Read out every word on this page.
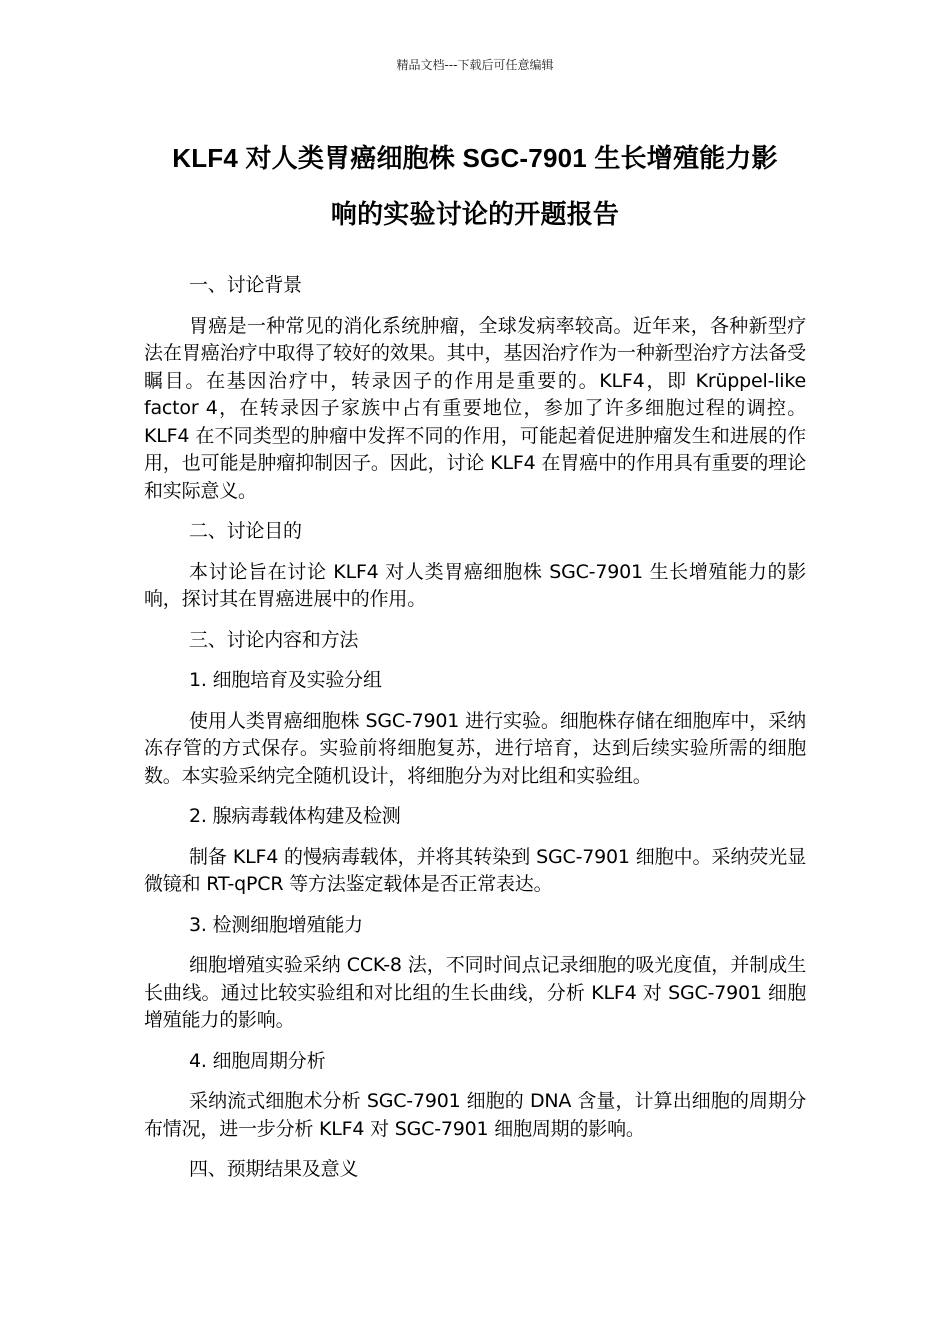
精品文档---下载后可任意编辑
KLF4 对人类胃癌细胞株 SGC-7901 生长增殖能力影
响的实验讨论的开题报告

一、讨论背景

胃癌是一种常见的消化系统肿瘤，全球发病率较高。近年来，各种新型疗法在胃癌治疗中取得了较好的效果。其中，基因治疗作为一种新型治疗方法备受瞩目。在基因治疗中，转录因子的作用是重要的。KLF4，即 Krüppel-like factor 4，在转录因子家族中占有重要地位，参加了许多细胞过程的调控。KLF4 在不同类型的肿瘤中发挥不同的作用，可能起着促进肿瘤发生和进展的作用，也可能是肿瘤抑制因子。因此，讨论 KLF4 在胃癌中的作用具有重要的理论和实际意义。

二、讨论目的

本讨论旨在讨论 KLF4 对人类胃癌细胞株 SGC-7901 生长增殖能力的影响，探讨其在胃癌进展中的作用。

三、讨论内容和方法

1. 细胞培育及实验分组

使用人类胃癌细胞株 SGC-7901 进行实验。细胞株存储在细胞库中，采纳冻存管的方式保存。实验前将细胞复苏，进行培育，达到后续实验所需的细胞数。本实验采纳完全随机设计，将细胞分为对比组和实验组。

2. 腺病毒载体构建及检测

制备 KLF4 的慢病毒载体，并将其转染到 SGC-7901 细胞中。采纳荧光显微镜和 RT-qPCR 等方法鉴定载体是否正常表达。

3. 检测细胞增殖能力

细胞增殖实验采纳 CCK-8 法，不同时间点记录细胞的吸光度值，并制成生长曲线。通过比较实验组和对比组的生长曲线，分析 KLF4 对 SGC-7901 细胞增殖能力的影响。

4. 细胞周期分析

采纳流式细胞术分析 SGC-7901 细胞的 DNA 含量，计算出细胞的周期分布情况，进一步分析 KLF4 对 SGC-7901 细胞周期的影响。

四、预期结果及意义
